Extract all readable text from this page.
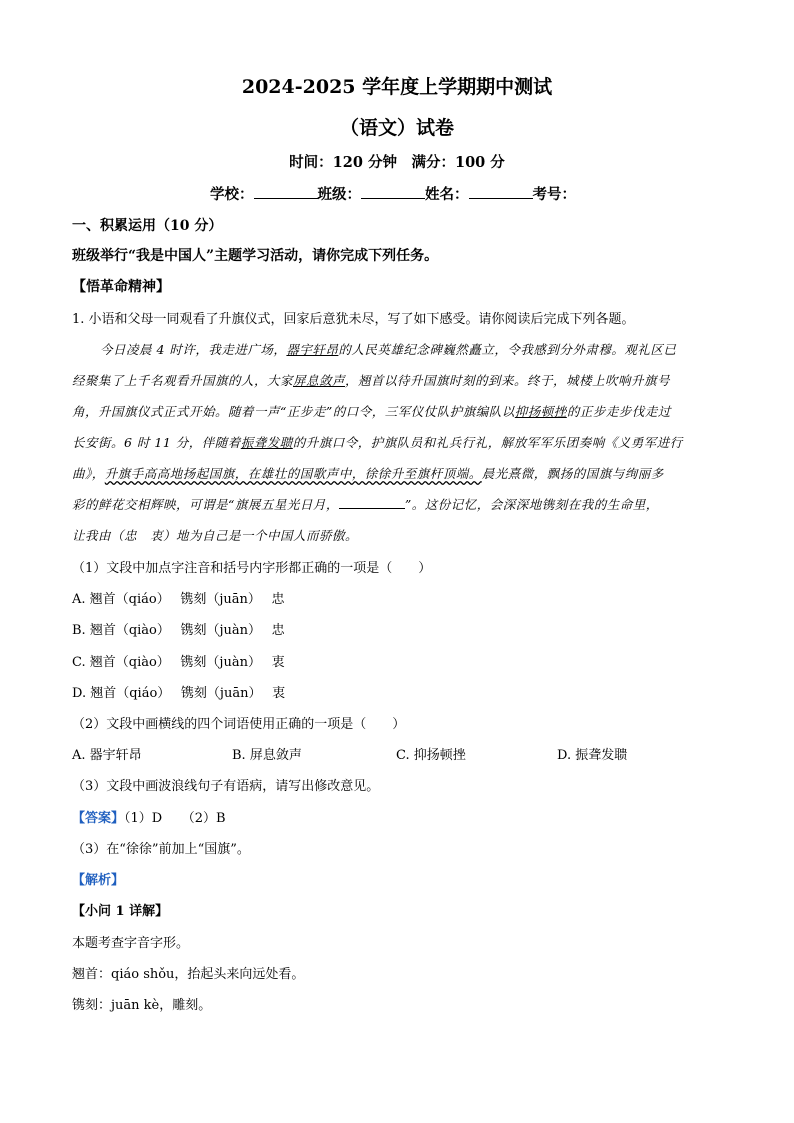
2024-2025 学年度上学期期中测试
（语文）试卷
时间：120 分钟　满分：100 分
学校：	班级：	姓名：	考号：
一、积累运用（10 分）
班级举行“我是中国人”主题学习活动，请你完成下列任务。
【悟革命精神】
1. 小语和父母一同观看了升旗仪式，回家后意犹未尽，写了如下感受。请你阅读后完成下列各题。
今日凌晨 4 时许，我走进广场，器宇轩昂的人民英雄纪念碑巍然矗立，令我感到分外肃穆。观礼区已
经聚集了上千名观看升国旗的人，大家屏息敛声，翘首以待升国旗时刻的到来。终于，城楼上吹响升旗号
角，升国旗仪式正式开始。随着一声“正步走”的口令，三军仪仗队护旗编队以抑扬顿挫的正步走步伐走过
长安街。6 时 11 分，伴随着振聋发聩的升旗口令，护旗队员和礼兵行礼，解放军军乐团奏响《义勇军进行
曲》，升旗手高高地扬起国旗，在雄壮的国歌声中，徐徐升至旗杆顶端。晨光熹微，飘扬的国旗与绚丽多
彩的鲜花交相辉映，可谓是“旗展五星光日月，	”。这份记忆，会深深地镌刻在我的生命里，
让我由（忠　衷）地为自己是一个中国人而骄傲。
（1）文段中加点字注音和括号内字形都正确的一项是（　　）
A. 翘首（qiáo）　 镌刻（juān）　 忠
B. 翘首（qiào）　 镌刻（juàn）　 忠
C. 翘首（qiào）　 镌刻（juàn）　 衷
D. 翘首（qiáo）　 镌刻（juān）　 衷
（2）文段中画横线的四个词语使用正确的一项是（　　）
A. 器宇轩昂	B. 屏息敛声	C. 抑扬顿挫	D. 振聋发聩
（3）文段中画波浪线句子有语病，请写出修改意见。
【答案】（1）D　　（2）B
（3）在“徐徐”前加上“国旗”。
【解析】
【小问 1 详解】
本题考查字音字形。
翘首：qiáo shǒu，抬起头来向远处看。
镌刻：juān kè，雕刻。
